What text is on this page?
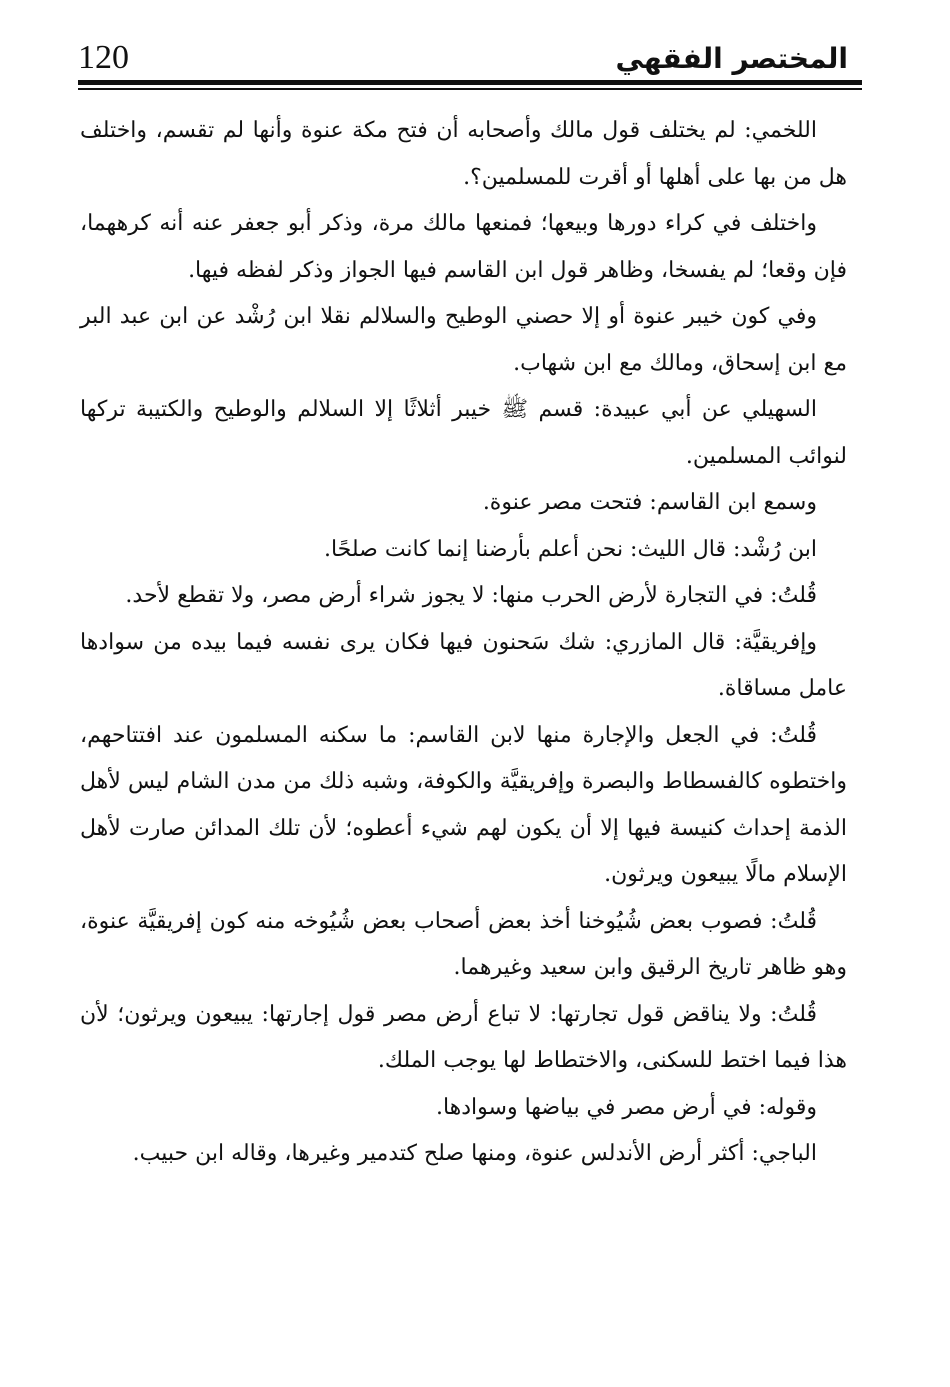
120	المختصر الفقهي

اللخمي: لم يختلف قول مالك وأصحابه أن فتح مكة عنوة وأنها لم تقسم، واختلف هل من بها على أهلها أو أقرت للمسلمين؟.

واختلف في كراء دورها وبيعها؛ فمنعها مالك مرة، وذكر أبو جعفر عنه أنه كرههما، فإن وقعا؛ لم يفسخا، وظاهر قول ابن القاسم فيها الجواز وذكر لفظه فيها.

وفي كون خيبر عنوة أو إلا حصني الوطيح والسلالم نقلا ابن رُشْد عن ابن عبد البر مع ابن إسحاق، ومالك مع ابن شهاب.

السهيلي عن أبي عبيدة: قسم ﷺ خيبر أثلاثًا إلا السلالم والوطيح والكتيبة تركها لنوائب المسلمين.

وسمع ابن القاسم: فتحت مصر عنوة.

ابن رُشْد: قال الليث: نحن أعلم بأرضنا إنما كانت صلحًا.

قُلتُ: في التجارة لأرض الحرب منها: لا يجوز شراء أرض مصر، ولا تقطع لأحد.

وإفريقيَّة: قال المازري: شك سَحنون فيها فكان يرى نفسه فيما بيده من سوادها عامل مساقاة.

قُلتُ: في الجعل والإجارة منها لابن القاسم: ما سكنه المسلمون عند افتتاحهم، واختطوه كالفسطاط والبصرة وإفريقيَّة والكوفة، وشبه ذلك من مدن الشام ليس لأهل الذمة إحداث كنيسة فيها إلا أن يكون لهم شيء أعطوه؛ لأن تلك المدائن صارت لأهل الإسلام مالًا يبيعون ويرثون.

قُلتُ: فصوب بعض شُيُوخنا أخذ بعض أصحاب بعض شُيُوخه منه كون إفريقيَّة عنوة، وهو ظاهر تاريخ الرقيق وابن سعيد وغيرهما.

قُلتُ: ولا يناقض قول تجارتها: لا تباع أرض مصر قول إجارتها: يبيعون ويرثون؛ لأن هذا فيما اختط للسكنى، والاختطاط لها يوجب الملك.

وقوله: في أرض مصر في بياضها وسوادها.

الباجي: أكثر أرض الأندلس عنوة، ومنها صلح كتدمير وغيرها، وقاله ابن حبيب.
